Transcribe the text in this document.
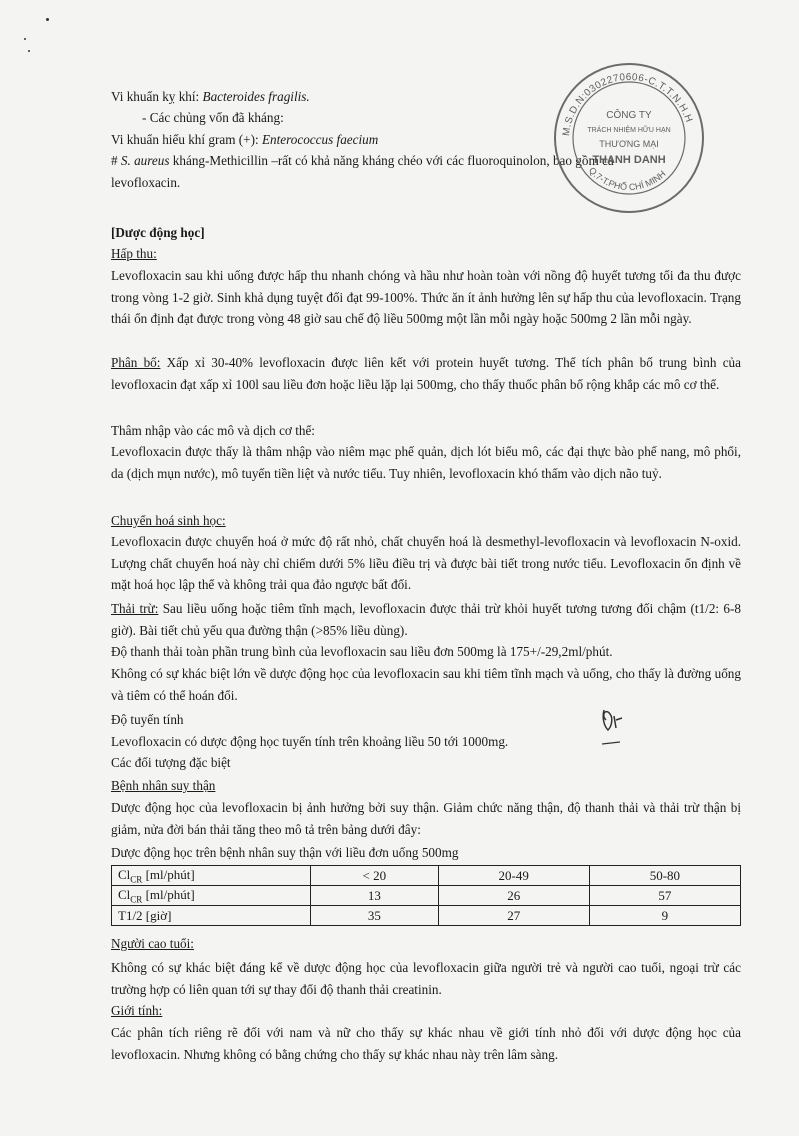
Vi khuẩn kỵ khí: Bacteroides fragilis.
- Các chủng vốn đã kháng:
Vi khuẩn hiếu khí gram (+): Enterococcus faecium
# S. aureus kháng-Methicillin –rất có khả năng kháng chéo với các fluoroquinolon, bao gồm cả
levofloxacin.
[Dược động học]
Hấp thu:
Levofloxacin sau khi uống được hấp thu nhanh chóng và hầu như hoàn toàn với nồng độ huyết tương tối đa thu được trong vòng 1-2 giờ. Sinh khả dụng tuyệt đối đạt 99-100%. Thức ăn ít ảnh hưởng lên sự hấp thu của levofloxacin. Trạng thái ổn định đạt được trong vòng 48 giờ sau chế độ liều 500mg một lần mỗi ngày hoặc 500mg 2 lần mỗi ngày.
Phân bố: Xấp xỉ 30-40% levofloxacin được liên kết với protein huyết tương. Thể tích phân bố trung bình của levofloxacin đạt xấp xỉ 100l sau liều đơn hoặc liều lặp lại 500mg, cho thấy thuốc phân bố rộng khắp các mô cơ thể.
Thâm nhập vào các mô và dịch cơ thể:
Levofloxacin được thấy là thâm nhập vào niêm mạc phế quản, dịch lót biểu mô, các đại thực bào phế nang, mô phổi, da (dịch mụn nước), mô tuyến tiền liệt và nước tiểu. Tuy nhiên, levofloxacin khó thấm vào dịch não tuỷ.
Chuyển hoá sinh học:
Levofloxacin được chuyển hoá ở mức độ rất nhỏ, chất chuyển hoá là desmethyl-levofloxacin và levofloxacin N-oxid. Lượng chất chuyển hoá này chỉ chiếm dưới 5% liều điều trị và được bài tiết trong nước tiểu. Levofloxacin ổn định về mặt hoá học lập thể và không trải qua đảo ngược bất đối.
Thải trừ: Sau liều uống hoặc tiêm tĩnh mạch, levofloxacin được thải trừ khỏi huyết tương tương đối chậm (t1/2: 6-8 giờ). Bài tiết chủ yếu qua đường thận (>85% liều dùng).
Độ thanh thải toàn phần trung bình của levofloxacin sau liều đơn 500mg là 175+/-29,2ml/phút.
Không có sự khác biệt lớn về dược động học của levofloxacin sau khi tiêm tĩnh mạch và uống, cho thấy là đường uống và tiêm có thể hoán đổi.
Độ tuyến tính
Levofloxacin có dược động học tuyến tính trên khoảng liều 50 tới 1000mg.
Các đối tượng đặc biệt
Bệnh nhân suy thận
Dược động học của levofloxacin bị ảnh hưởng bởi suy thận. Giảm chức năng thận, độ thanh thải và thải trừ thận bị giảm, nửa đời bán thải tăng theo mô tả trên bảng dưới đây:
Dược động học trên bệnh nhân suy thận với liều đơn uống 500mg
$Cl_{CR}$ [ml/phút]	< 20	20-49	50-80
$Cl_{CR}$ [ml/phút]	13	26	57
T1/2 [giờ]	35	27	9
Người cao tuổi:
Không có sự khác biệt đáng kể về dược động học của levofloxacin giữa người trẻ và người cao tuổi, ngoại trừ các trường hợp có liên quan tới sự thay đổi độ thanh thải creatinin.
Giới tính:
Các phân tích riêng rẽ đối với nam và nữ cho thấy sự khác nhau về giới tính nhỏ đối với dược động học của levofloxacin. Nhưng không có bằng chứng cho thấy sự khác nhau này trên lâm sàng.
M.S.D.N:0302270606-C.T.T.N.H.H
Q.7-T.PHỐ CHÍ MINH
CÔNG TY
TRÁCH NHIỆM HỮU HẠN
THƯƠNG MẠI
THANH DANH
